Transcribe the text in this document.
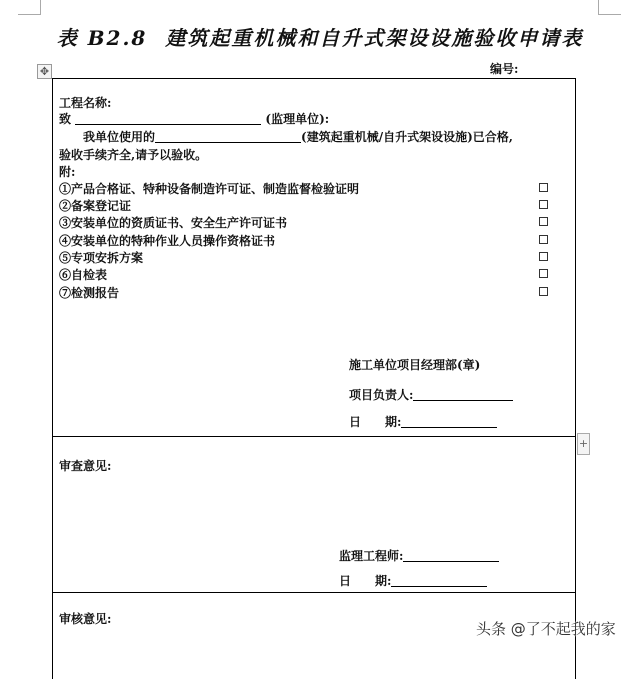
表 B2.8 建筑起重机械和自升式架设设施验收申请表
✥	编号:
工程名称:
致	(监理单位):
我单位使用的	(建筑起重机械/自升式架设设施)已合格,
验收手续齐全,请予以验收。
附:
①产品合格证、特种设备制造许可证、制造监督检验证明
②备案登记证
③安装单位的资质证书、安全生产许可证书
④安装单位的特种作业人员操作资格证书
⑤专项安拆方案
⑥自检表
⑦检测报告
施工单位项目经理部(章)
项目负责人:
日　　期:
审查意见:
监理工程师:
日　　期:
审核意见:
+
头条 @了不起我的家
